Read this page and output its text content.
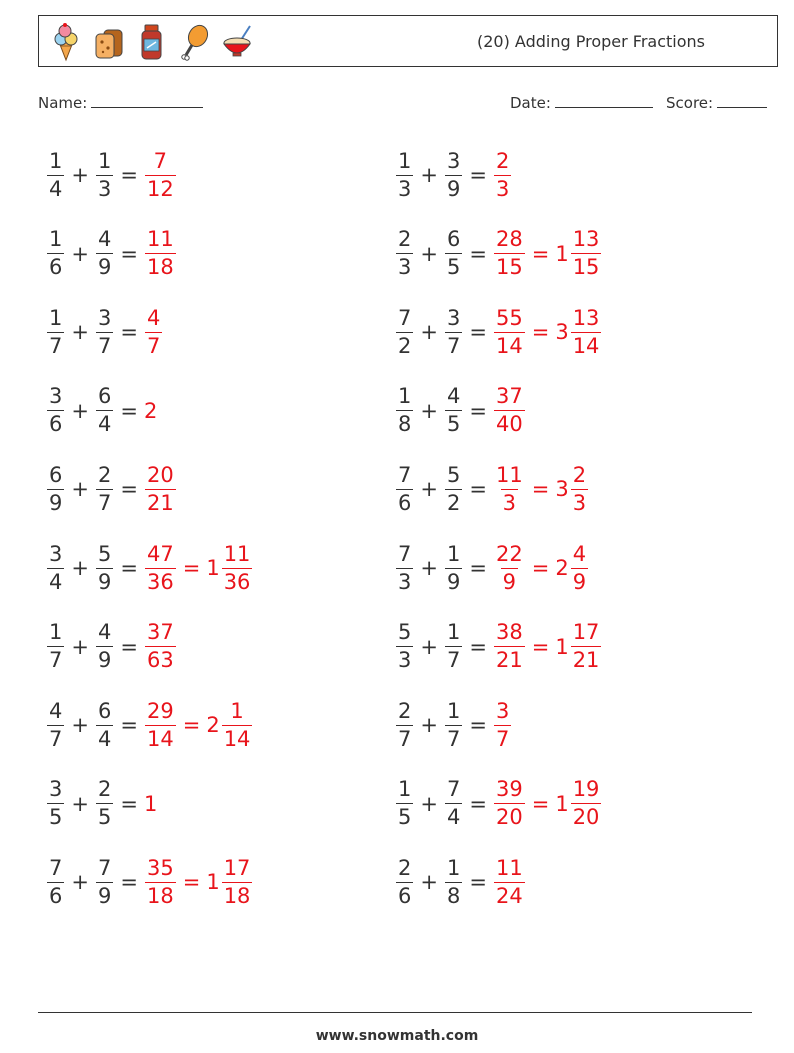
(20) Adding Proper Fractions
Name:	Date:	Score:
$\frac{1}{4} + \frac{1}{3} = \frac{7}{12}$	$\frac{1}{3} + \frac{3}{9} = \frac{2}{3}$
$\frac{1}{6} + \frac{4}{9} = \frac{11}{18}$	$\frac{2}{3} + \frac{6}{5} = \frac{28}{15} = 1 \frac{13}{15}$
$\frac{1}{7} + \frac{3}{7} = \frac{4}{7}$	$\frac{7}{2} + \frac{3}{7} = \frac{55}{14} = 3 \frac{13}{14}$
$\frac{3}{6} + \frac{6}{4} = 2$	$\frac{1}{8} + \frac{4}{5} = \frac{37}{40}$
$\frac{6}{9} + \frac{2}{7} = \frac{20}{21}$	$\frac{7}{6} + \frac{5}{2} = \frac{11}{3} = 3 \frac{2}{3}$
$\frac{3}{4} + \frac{5}{9} = \frac{47}{36} = 1 \frac{11}{36}$	$\frac{7}{3} + \frac{1}{9} = \frac{22}{9} = 2 \frac{4}{9}$
$\frac{1}{7} + \frac{4}{9} = \frac{37}{63}$	$\frac{5}{3} + \frac{1}{7} = \frac{38}{21} = 1 \frac{17}{21}$
$\frac{4}{7} + \frac{6}{4} = \frac{29}{14} = 2 \frac{1}{14}$	$\frac{2}{7} + \frac{1}{7} = \frac{3}{7}$
$\frac{3}{5} + \frac{2}{5} = 1$	$\frac{1}{5} + \frac{7}{4} = \frac{39}{20} = 1 \frac{19}{20}$
$\frac{7}{6} + \frac{7}{9} = \frac{35}{18} = 1 \frac{17}{18}$	$\frac{2}{6} + \frac{1}{8} = \frac{11}{24}$
www.snowmath.com
